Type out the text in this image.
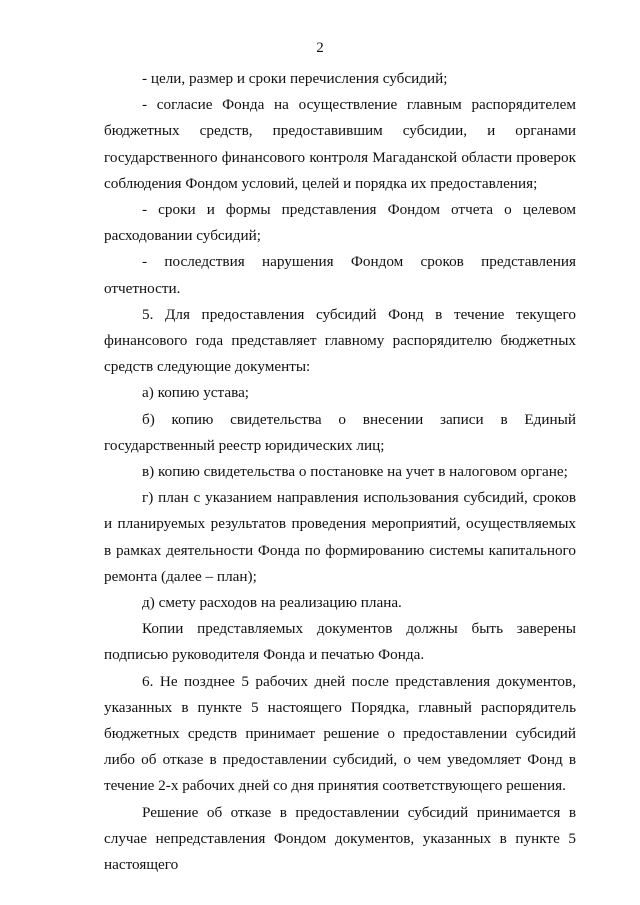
2

- цели, размер и сроки перечисления субсидий;

- согласие Фонда на осуществление главным распорядителем бюджетных средств, предоставившим субсидии, и органами государственного финансового контроля Магаданской области проверок соблюдения Фондом условий, целей и порядка их предоставления;

- сроки и формы представления Фондом отчета о целевом расходовании субсидий;

- последствия нарушения Фондом сроков представления отчетности.

5. Для предоставления субсидий Фонд в течение текущего финансового года представляет главному распорядителю бюджетных средств следующие документы:

а) копию устава;

б) копию свидетельства о внесении записи в Единый государственный реестр юридических лиц;

в) копию свидетельства о постановке на учет в налоговом органе;

г) план с указанием направления использования субсидий, сроков и планируемых результатов проведения мероприятий, осуществляемых в рамках деятельности Фонда по формированию системы капитального ремонта (далее – план);

д) смету расходов на реализацию плана.

Копии представляемых документов должны быть заверены подписью руководителя Фонда и печатью Фонда.

6. Не позднее 5 рабочих дней после представления документов, указанных в пункте 5 настоящего Порядка, главный распорядитель бюджетных средств принимает решение о предоставлении субсидий либо об отказе в предоставлении субсидий, о чем уведомляет Фонд в течение 2-х рабочих дней со дня принятия соответствующего решения.

Решение об отказе в предоставлении субсидий принимается в случае непредставления Фондом документов, указанных в пункте 5 настоящего
